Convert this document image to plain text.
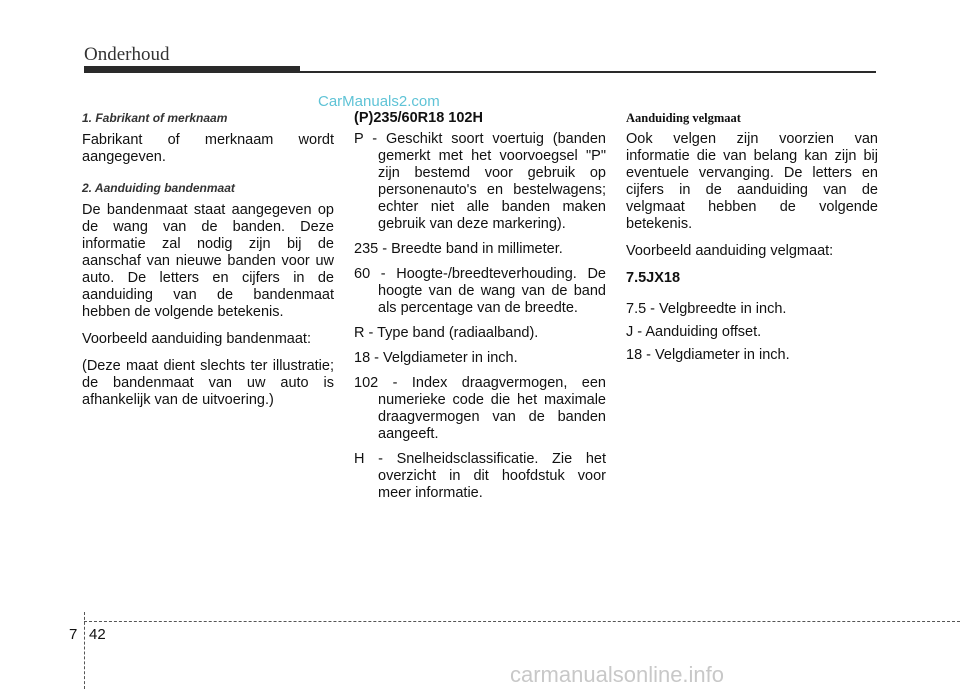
Onderhoud
CarManuals2.com
1. Fabrikant of merknaam
Fabrikant of merknaam wordt aangegeven.
2. Aanduiding bandenmaat
De bandenmaat staat aangegeven op de wang van de banden. Deze informatie zal nodig zijn bij de aanschaf van nieuwe banden voor uw auto. De letters en cijfers in de aanduiding van de bandenmaat hebben de volgende betekenis.
Voorbeeld aanduiding bandenmaat:
(Deze maat dient slechts ter illustratie; de bandenmaat van uw auto is afhankelijk van de uitvoering.)
(P)235/60R18 102H
P - Geschikt soort voertuig (banden gemerkt met het voorvoegsel "P" zijn bestemd voor gebruik op personenauto's en bestelwagens; echter niet alle banden maken gebruik van deze markering).
235 - Breedte band in millimeter.
60 - Hoogte-/breedteverhouding. De hoogte van de wang van de band als percentage van de breedte.
R - Type band (radiaalband).
18 - Velgdiameter in inch.
102 - Index draagvermogen, een numerieke code die het maximale draagvermogen van de banden aangeeft.
H - Snelheidsclassificatie. Zie het overzicht in dit hoofdstuk voor meer informatie.
Aanduiding velgmaat
Ook velgen zijn voorzien van informatie die van belang kan zijn bij eventuele vervanging. De letters en cijfers in de aanduiding van de velgmaat hebben de volgende betekenis.
Voorbeeld aanduiding velgmaat:
7.5JX18
7.5 - Velgbreedte in inch.
J - Aanduiding offset.
18 - Velgdiameter in inch.
7 42
carmanualsonline.info
